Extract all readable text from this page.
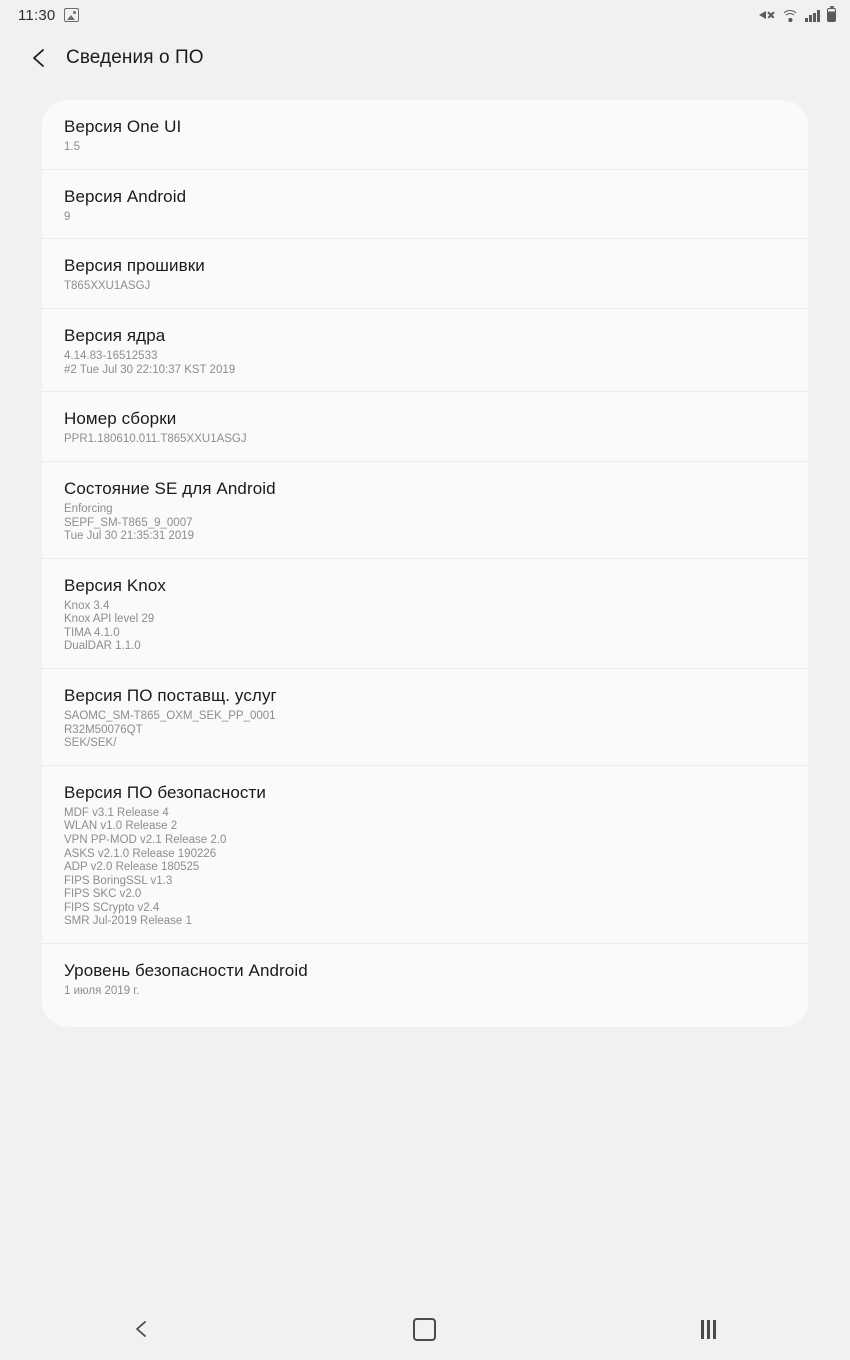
11:30
Сведения о ПО
Версия One UI
1.5
Версия Android
9
Версия прошивки
T865XXU1ASGJ
Версия ядра
4.14.83-16512533
#2 Tue Jul 30 22:10:37 KST 2019
Номер сборки
PPR1.180610.011.T865XXU1ASGJ
Состояние SE для Android
Enforcing
SEPF_SM-T865_9_0007
Tue Jul 30 21:35:31 2019
Версия Knox
Knox 3.4
Knox API level 29
TIMA 4.1.0
DualDAR 1.1.0
Версия ПО поставщ. услуг
SAOMC_SM-T865_OXM_SEK_PP_0001
R32M50076QT
SEK/SEK/
Версия ПО безопасности
MDF v3.1 Release 4
WLAN v1.0 Release 2
VPN PP-MOD v2.1 Release 2.0
ASKS v2.1.0 Release 190226
ADP v2.0 Release 180525
FIPS BoringSSL v1.3
FIPS SKC v2.0
FIPS SCrypto v2.4
SMR Jul-2019 Release 1
Уровень безопасности Android
1 июля 2019 г.
